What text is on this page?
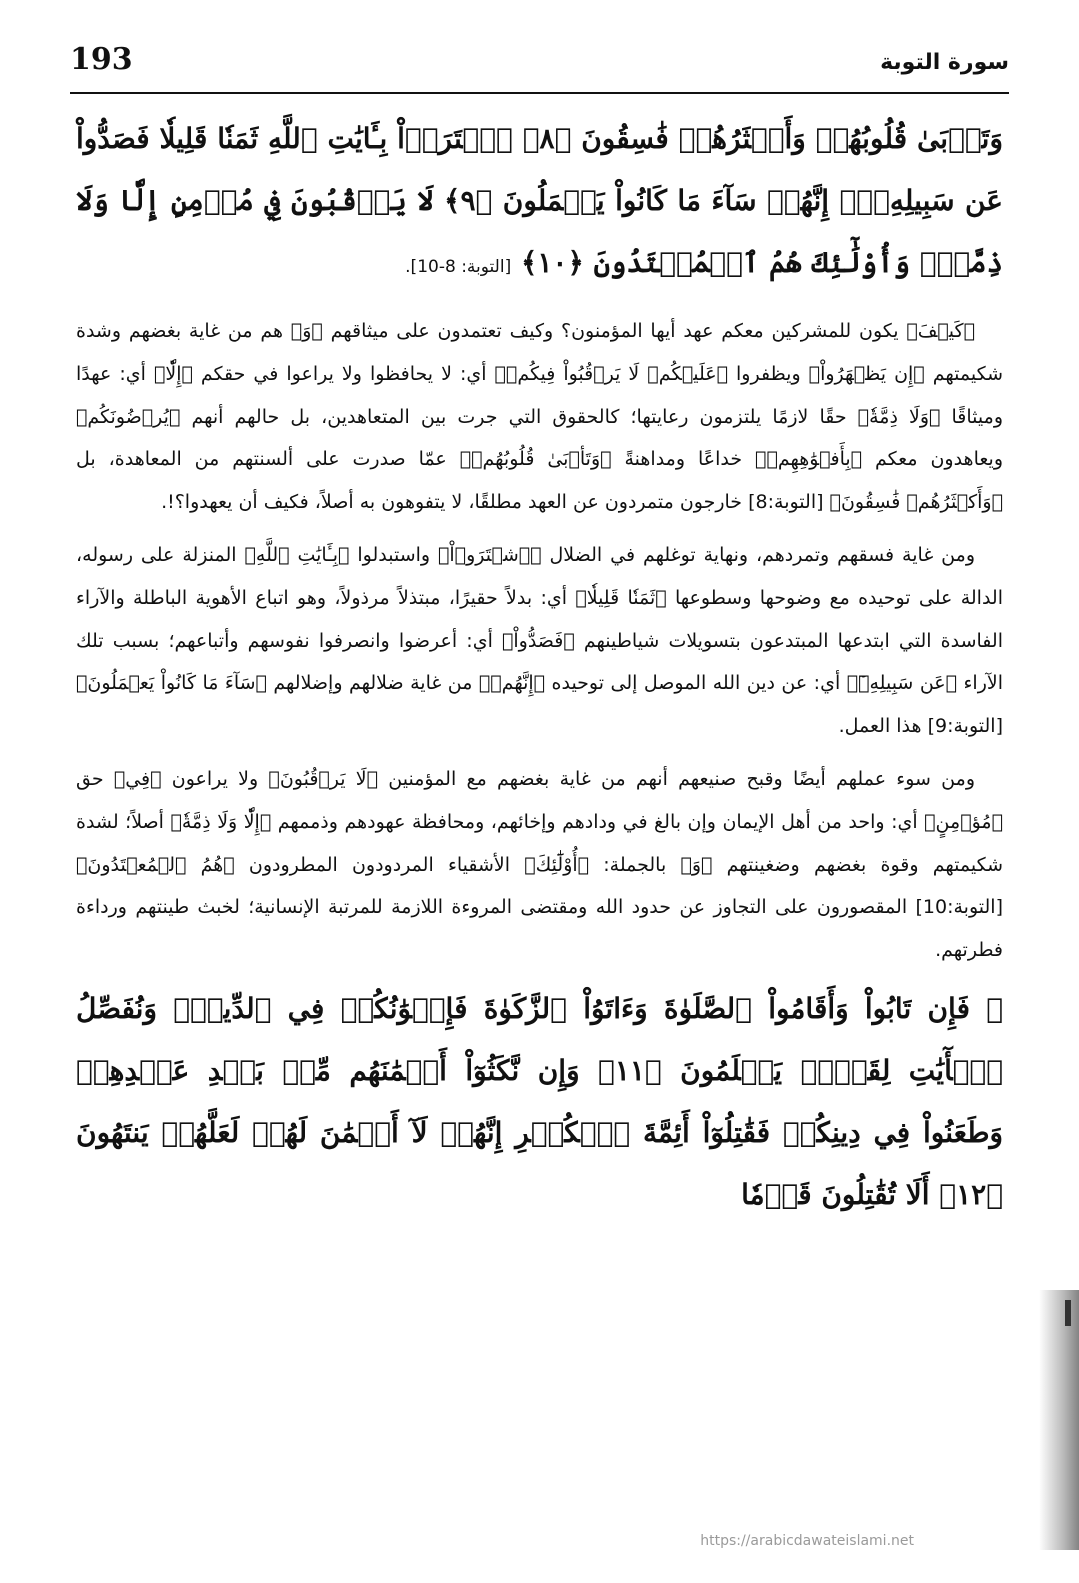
193	سورة التوبة

وَتَأۡبَىٰ قُلُوبُهُمۡ وَأَكۡثَرُهُمۡ فَٰسِقُونَ ﴿٨﴾ ٱشۡتَرَوۡاْ بِـَٔايَٰتِ ٱللَّهِ ثَمَنٗا قَلِيلٗا فَصَدُّواْ عَن سَبِيلِهِۦٓۚ إِنَّهُمۡ سَآءَ مَا كَانُواْ يَعۡمَلُونَ ﴿٩﴾ لَا يَرۡقُبُونَ فِي مُؤۡمِنٍ إِلّٗا وَلَا ذِمَّةٗۚ وَأُوْلَٰٓئِكَ هُمُ ٱلۡمُعۡتَدُونَ ﴿١٠﴾ [التوبة: 8-10].

﴿كَيۡفَ﴾ يكون للمشركين معكم عهد أيها المؤمنون؟ وكيف تعتمدون على ميثاقهم ﴿وَ﴾ هم من غاية بغضهم وشدة شكيمتهم ﴿إِن يَظۡهَرُواْ﴾ ويظفروا ﴿عَلَيۡكُمۡ لَا يَرۡقُبُواْ فِيكُمۡ﴾ أي: لا يحافظوا ولا يراعوا في حقكم ﴿إِلّٗا﴾ أي: عهدًا وميثاقًا ﴿وَلَا ذِمَّةٗ﴾ حقًا لازمًا يلتزمون رعايتها؛ كالحقوق التي جرت بين المتعاهدين، بل حالهم أنهم ﴿يُرۡضُونَكُم﴾ ويعاهدون معكم ﴿بِأَفۡوَٰهِهِمۡ﴾ خداعًا ومداهنةً ﴿وَتَأۡبَىٰ قُلُوبُهُمۡ﴾ عمّا صدرت على ألسنتهم من المعاهدة، بل ﴿وَأَكۡثَرُهُمۡ فَٰسِقُونَ﴾ [التوبة:8] خارجون متمردون عن العهد مطلقًا، لا يتفوهون به أصلاً، فكيف أن يعهدوا؟!.

ومن غاية فسقهم وتمردهم، ونهاية توغلهم في الضلال ﴿ٱشۡتَرَوۡاْ﴾ واستبدلوا ﴿بِـَٔايَٰتِ ٱللَّهِ﴾ المنزلة على رسوله، الدالة على توحيده مع وضوحها وسطوعها ﴿ثَمَنٗا قَلِيلٗا﴾ أي: بدلاً حقيرًا، مبتذلاً مرذولاً، وهو اتباع الأهوية الباطلة والآراء الفاسدة التي ابتدعها المبتدعون بتسويلات شياطينهم ﴿فَصَدُّواْ﴾ أي: أعرضوا وانصرفوا نفوسهم وأتباعهم؛ بسبب تلك الآراء ﴿عَن سَبِيلِهِۦٓ﴾ أي: عن دين الله الموصل إلى توحيده ﴿إِنَّهُمۡ﴾ من غاية ضلالهم وإضلالهم ﴿سَآءَ مَا كَانُواْ يَعۡمَلُونَ﴾ [التوبة:9] هذا العمل.

ومن سوء عملهم أيضًا وقبح صنيعهم أنهم من غاية بغضهم مع المؤمنين ﴿لَا يَرۡقُبُونَ﴾ ولا يراعون ﴿فِي﴾ حق ﴿مُؤۡمِنٍ﴾ أي: واحد من أهل الإيمان وإن بالغ في ودادهم وإخائهم، ومحافظة عهودهم وذممهم ﴿إِلّٗا وَلَا ذِمَّةٗ﴾ أصلاً؛ لشدة شكيمتهم وقوة بغضهم وضغينتهم ﴿وَ﴾ بالجملة: ﴿أُوْلَٰٓئِكَ﴾ الأشقياء المردودون المطرودون ﴿هُمُ ٱلۡمُعۡتَدُونَ﴾ [التوبة:10] المقصورون على التجاوز عن حدود الله ومقتضى المروءة اللازمة للمرتبة الإنسانية؛ لخبث طينتهم ورداءة فطرتهم.

﴿ فَإِن تَابُواْ وَأَقَامُواْ ٱلصَّلَوٰةَ وَءَاتَوُاْ ٱلزَّكَوٰةَ فَإِخۡوَٰنُكُمۡ فِي ٱلدِّينِۗ وَنُفَصِّلُ ٱلۡأٓيَٰتِ لِقَوۡمٖ يَعۡلَمُونَ ﴿١١﴾ وَإِن نَّكَثُوٓاْ أَيۡمَٰنَهُم مِّنۢ بَعۡدِ عَهۡدِهِمۡ وَطَعَنُواْ فِي دِينِكُمۡ فَقَٰتِلُوٓاْ أَئِمَّةَ ٱلۡكُفۡرِ إِنَّهُمۡ لَآ أَيۡمَٰنَ لَهُمۡ لَعَلَّهُمۡ يَنتَهُونَ ﴿١٢﴾ أَلَا تُقَٰتِلُونَ قَوۡمٗا

https://arabicdawateislami.net
